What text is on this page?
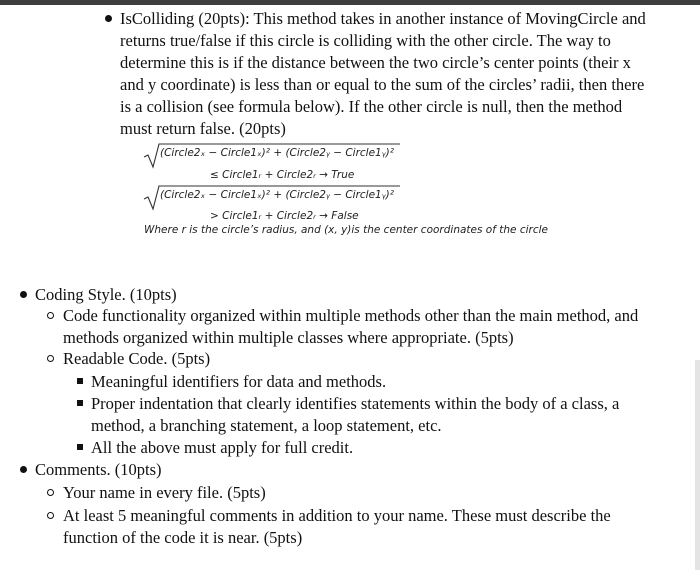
IsColliding (20pts): This method takes in another instance of MovingCircle and
returns true/false if this circle is colliding with the other circle. The way to
determine this is if the distance between the two circle’s center points (their x
and y coordinate) is less than or equal to the sum of the circles’ radii, then there
is a collision (see formula below). If the other circle is null, then the method
must return false. (20pts)
(Circle2ₓ − Circle1ₓ)² + (Circle2ᵧ − Circle1ᵧ)²
≤ Circle1ᵣ + Circle2ᵣ → True
(Circle2ₓ − Circle1ₓ)² + (Circle2ᵧ − Circle1ᵧ)²
> Circle1ᵣ + Circle2ᵣ → False
Where r is the circle’s radius, and (x, y)is the center coordinates of the circle
Coding Style. (10pts)
Code functionality organized within multiple methods other than the main method, and
methods organized within multiple classes where appropriate. (5pts)
Readable Code. (5pts)
Meaningful identifiers for data and methods.
Proper indentation that clearly identifies statements within the body of a class, a
method, a branching statement, a loop statement, etc.
All the above must apply for full credit.
Comments. (10pts)
Your name in every file. (5pts)
At least 5 meaningful comments in addition to your name. These must describe the
function of the code it is near. (5pts)
